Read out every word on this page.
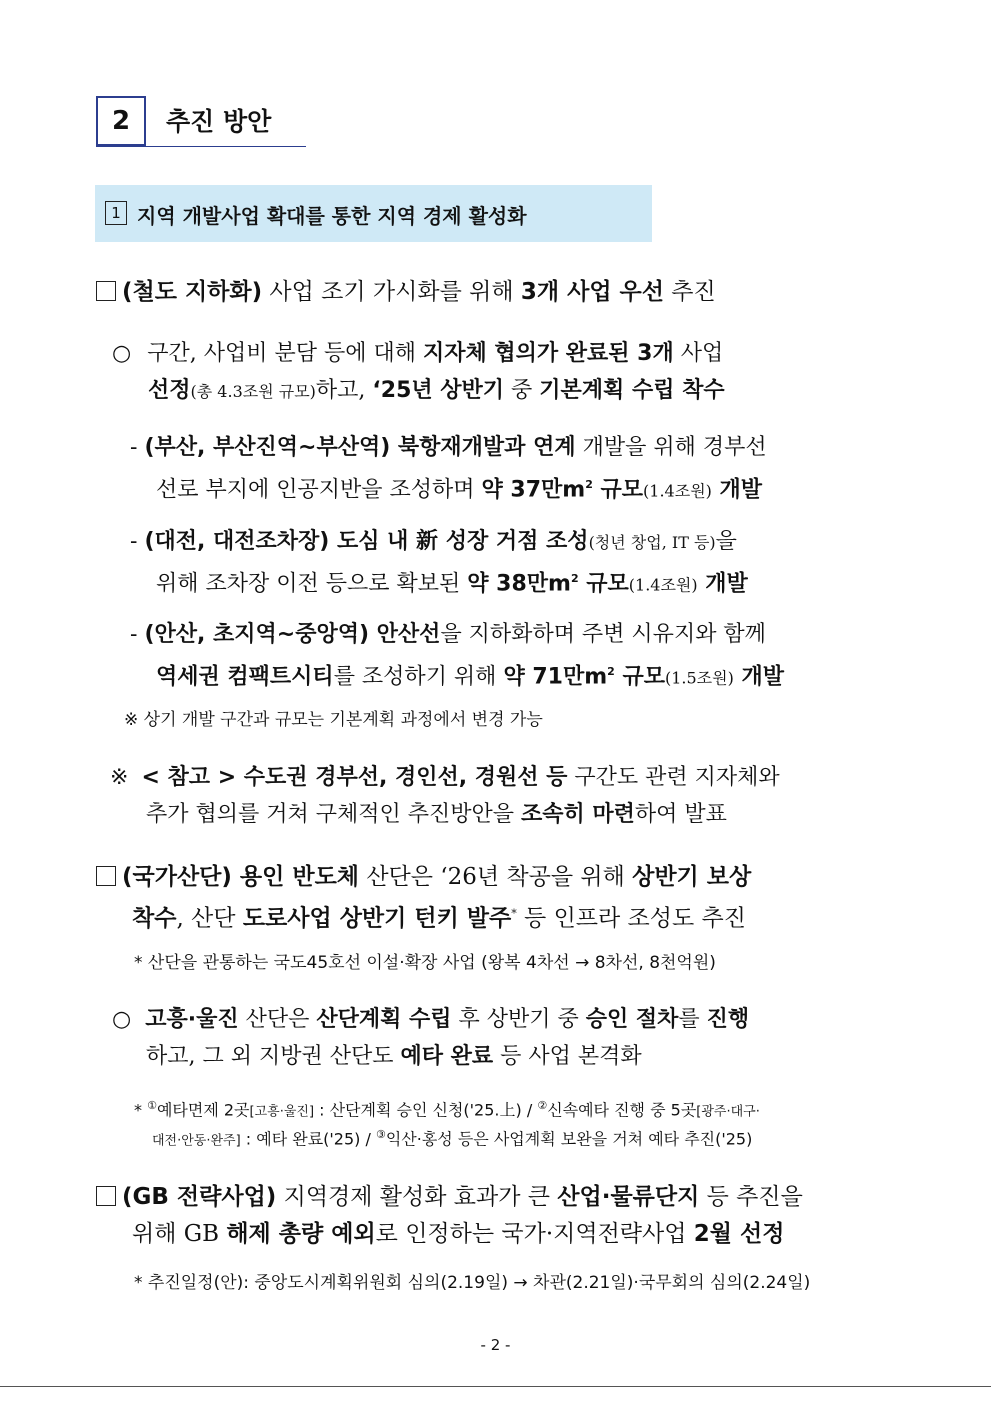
2	추진 방안
1 지역 개발사업 확대를 통한 지역 경제 활성화
(철도 지하화) 사업 조기 가시화를 위해 3개 사업 우선 추진
○ 구간, 사업비 분담 등에 대해 지자체 협의가 완료된 3개 사업
선정(총 4.3조원 규모)하고, ‘25년 상반기 중 기본계획 수립 착수
- (부산, 부산진역~부산역) 북항재개발과 연계 개발을 위해 경부선
선로 부지에 인공지반을 조성하며 약 37만$m^2$ 규모(1.4조원) 개발
- (대전, 대전조차장) 도심 내 新 성장 거점 조성(청년 창업, IT 등)을
위해 조차장 이전 등으로 확보된 약 38만$m^2$ 규모(1.4조원) 개발
- (안산, 초지역~중앙역) 안산선을 지하화하며 주변 시유지와 함께
역세권 컴팩트시티를 조성하기 위해 약 71만$m^2$ 규모(1.5조원) 개발
※ 상기 개발 구간과 규모는 기본계획 과정에서 변경 가능
※ < 참고 > 수도권 경부선, 경인선, 경원선 등 구간도 관련 지자체와
추가 협의를 거쳐 구체적인 추진방안을 조속히 마련하여 발표
(국가산단) 용인 반도체 산단은 ‘26년 착공을 위해 상반기 보상
착수, 산단 도로사업 상반기 턴키 발주* 등 인프라 조성도 추진
* 산단을 관통하는 국도45호선 이설·확장 사업 (왕복 4차선 → 8차선, 8천억원)
○ 고흥·울진 산단은 산단계획 수립 후 상반기 중 승인 절차를 진행
하고, 그 외 지방권 산단도 예타 완료 등 사업 본격화
* ①예타면제 2곳[고흥·울진] : 산단계획 승인 신청('25.上) / ②신속예타 진행 중 5곳[광주·대구·
대전·안동·완주] : 예타 완료('25) / ③익산·홍성 등은 사업계획 보완을 거쳐 예타 추진('25)
(GB 전략사업) 지역경제 활성화 효과가 큰 산업·물류단지 등 추진을
위해 GB 해제 총량 예외로 인정하는 국가·지역전략사업 2월 선정
* 추진일정(안): 중앙도시계획위원회 심의(2.19일) → 차관(2.21일)·국무회의 심의(2.24일)
- 2 -
